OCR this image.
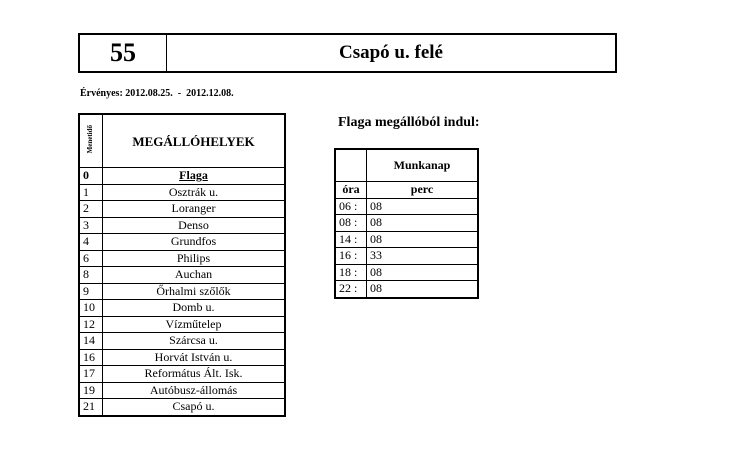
55	Csapó u. felé
Érvényes: 2012.08.25.  -  2012.12.08.
Menetidő	MEGÁLLÓHELYEK
0	Flaga
1	Osztrák u.
2	Loranger
3	Denso
4	Grundfos
6	Philips
8	Auchan
9	Őrhalmi szőlők
10	Domb u.
12	Vízműtelep
14	Szárcsa u.
16	Horvát István u.
17	Református Ált. Isk.
19	Autóbusz-állomás
21	Csapó u.
Flaga megállóból indul:
	Munkanap
óra	perc
06 :	08
08 :	08
14 :	08
16 :	33
18 :	08
22 :	08
